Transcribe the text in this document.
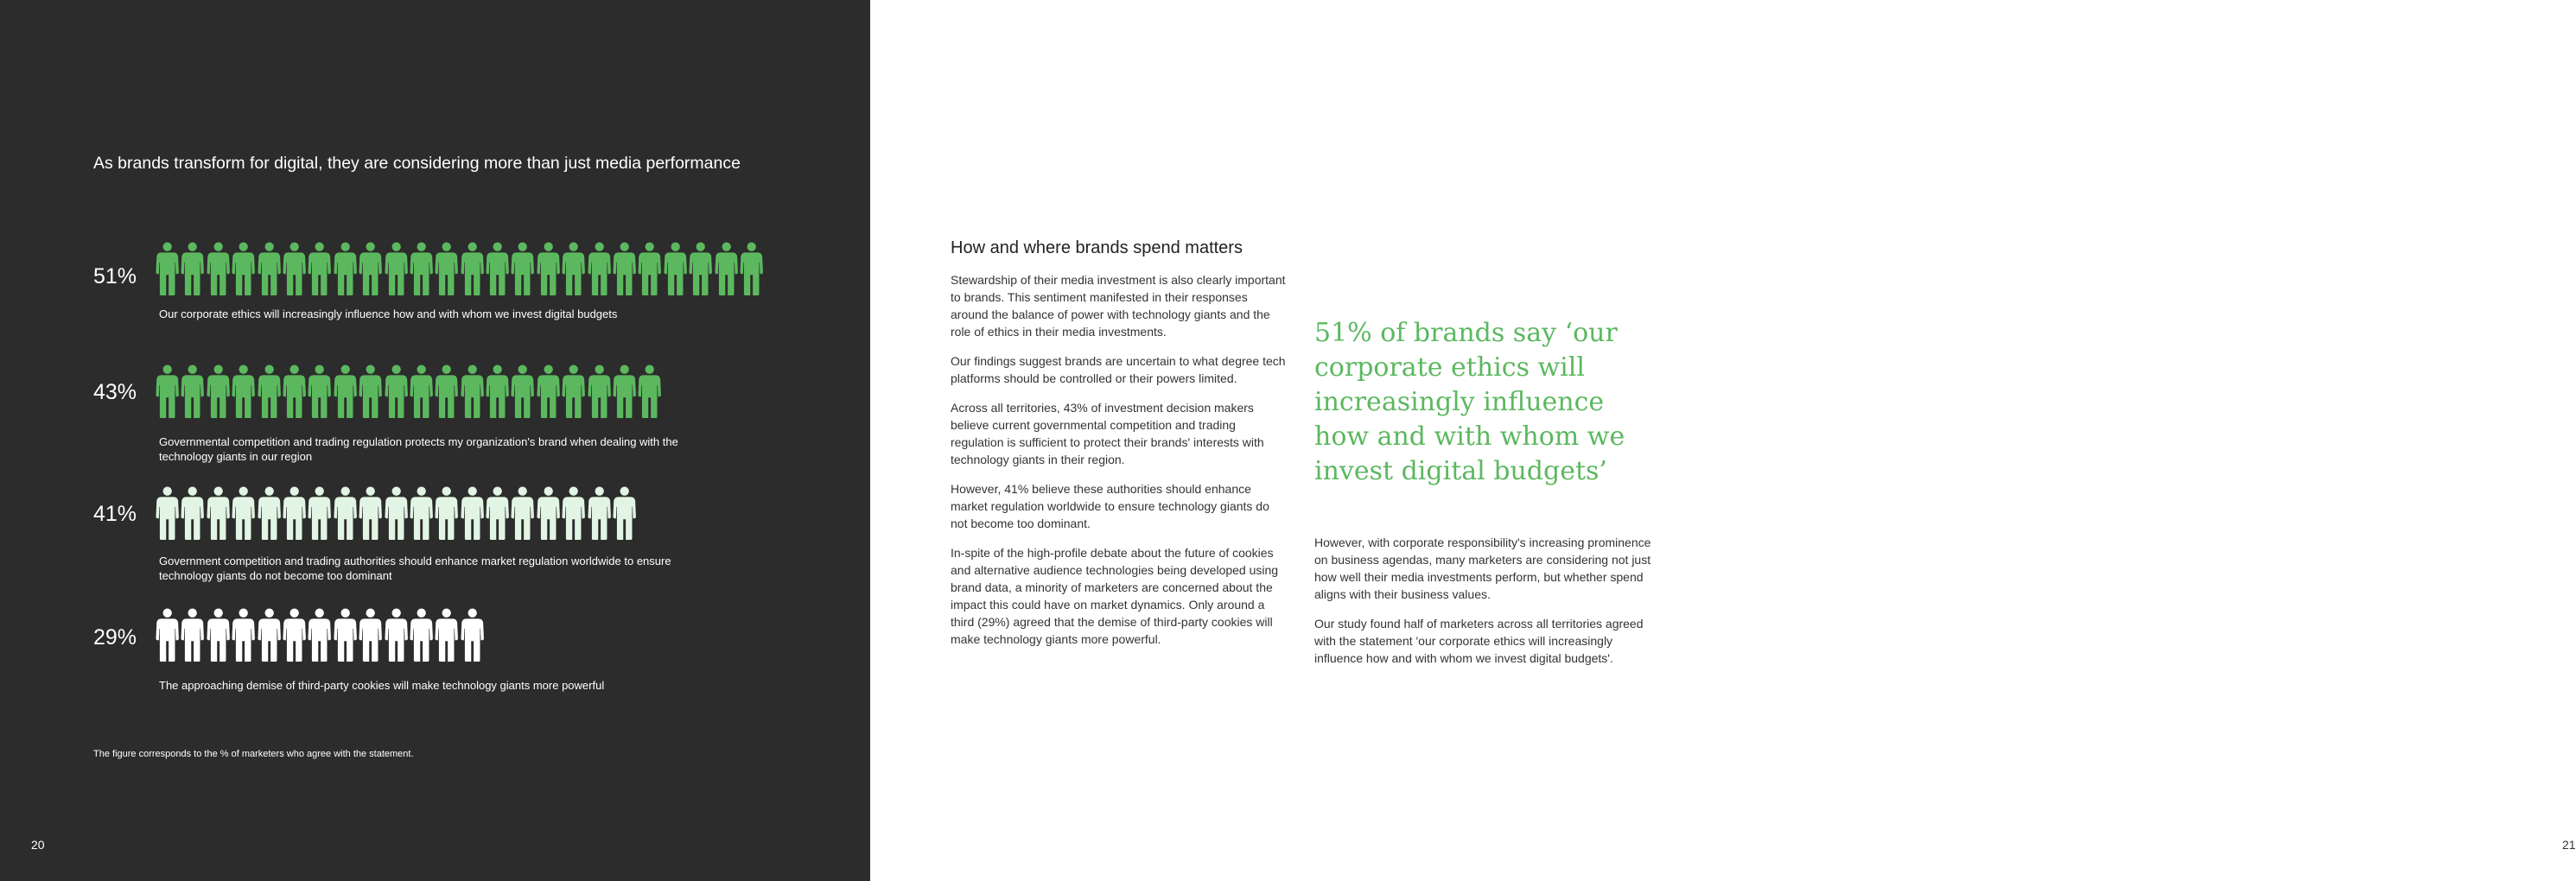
As brands transform for digital, they are considering more than just media performance
51%
Our corporate ethics will increasingly influence how and with whom we invest digital budgets
43%
Governmental competition and trading regulation protects my organization's brand when dealing with the technology giants in our region
41%
Government competition and trading authorities should enhance market regulation worldwide to ensure technology giants do not become too dominant
29%
The approaching demise of third-party cookies will make technology giants more powerful
The figure corresponds to the % of marketers who agree with the statement.
20
How and where brands spend matters

Stewardship of their media investment is also clearly important to brands. This sentiment manifested in their responses around the balance of power with technology giants and the role of ethics in their media investments.

Our findings suggest brands are uncertain to what degree tech platforms should be controlled or their powers limited.

Across all territories, 43% of investment decision makers believe current governmental competition and trading regulation is sufficient to protect their brands' interests with technology giants in their region.

However, 41% believe these authorities should enhance market regulation worldwide to ensure technology giants do not become too dominant.

In-spite of the high-profile debate about the future of cookies and alternative audience technologies being developed using brand data, a minority of marketers are concerned about the impact this could have on market dynamics. Only around a third (29%) agreed that the demise of third-party cookies will make technology giants more powerful.

51% of brands say ‘our corporate ethics will increasingly influence how and with whom we invest digital budgets’

However, with corporate responsibility's increasing prominence on business agendas, many marketers are considering not just how well their media investments perform, but whether spend aligns with their business values.

Our study found half of marketers across all territories agreed with the statement 'our corporate ethics will increasingly influence how and with whom we invest digital budgets'.

21
